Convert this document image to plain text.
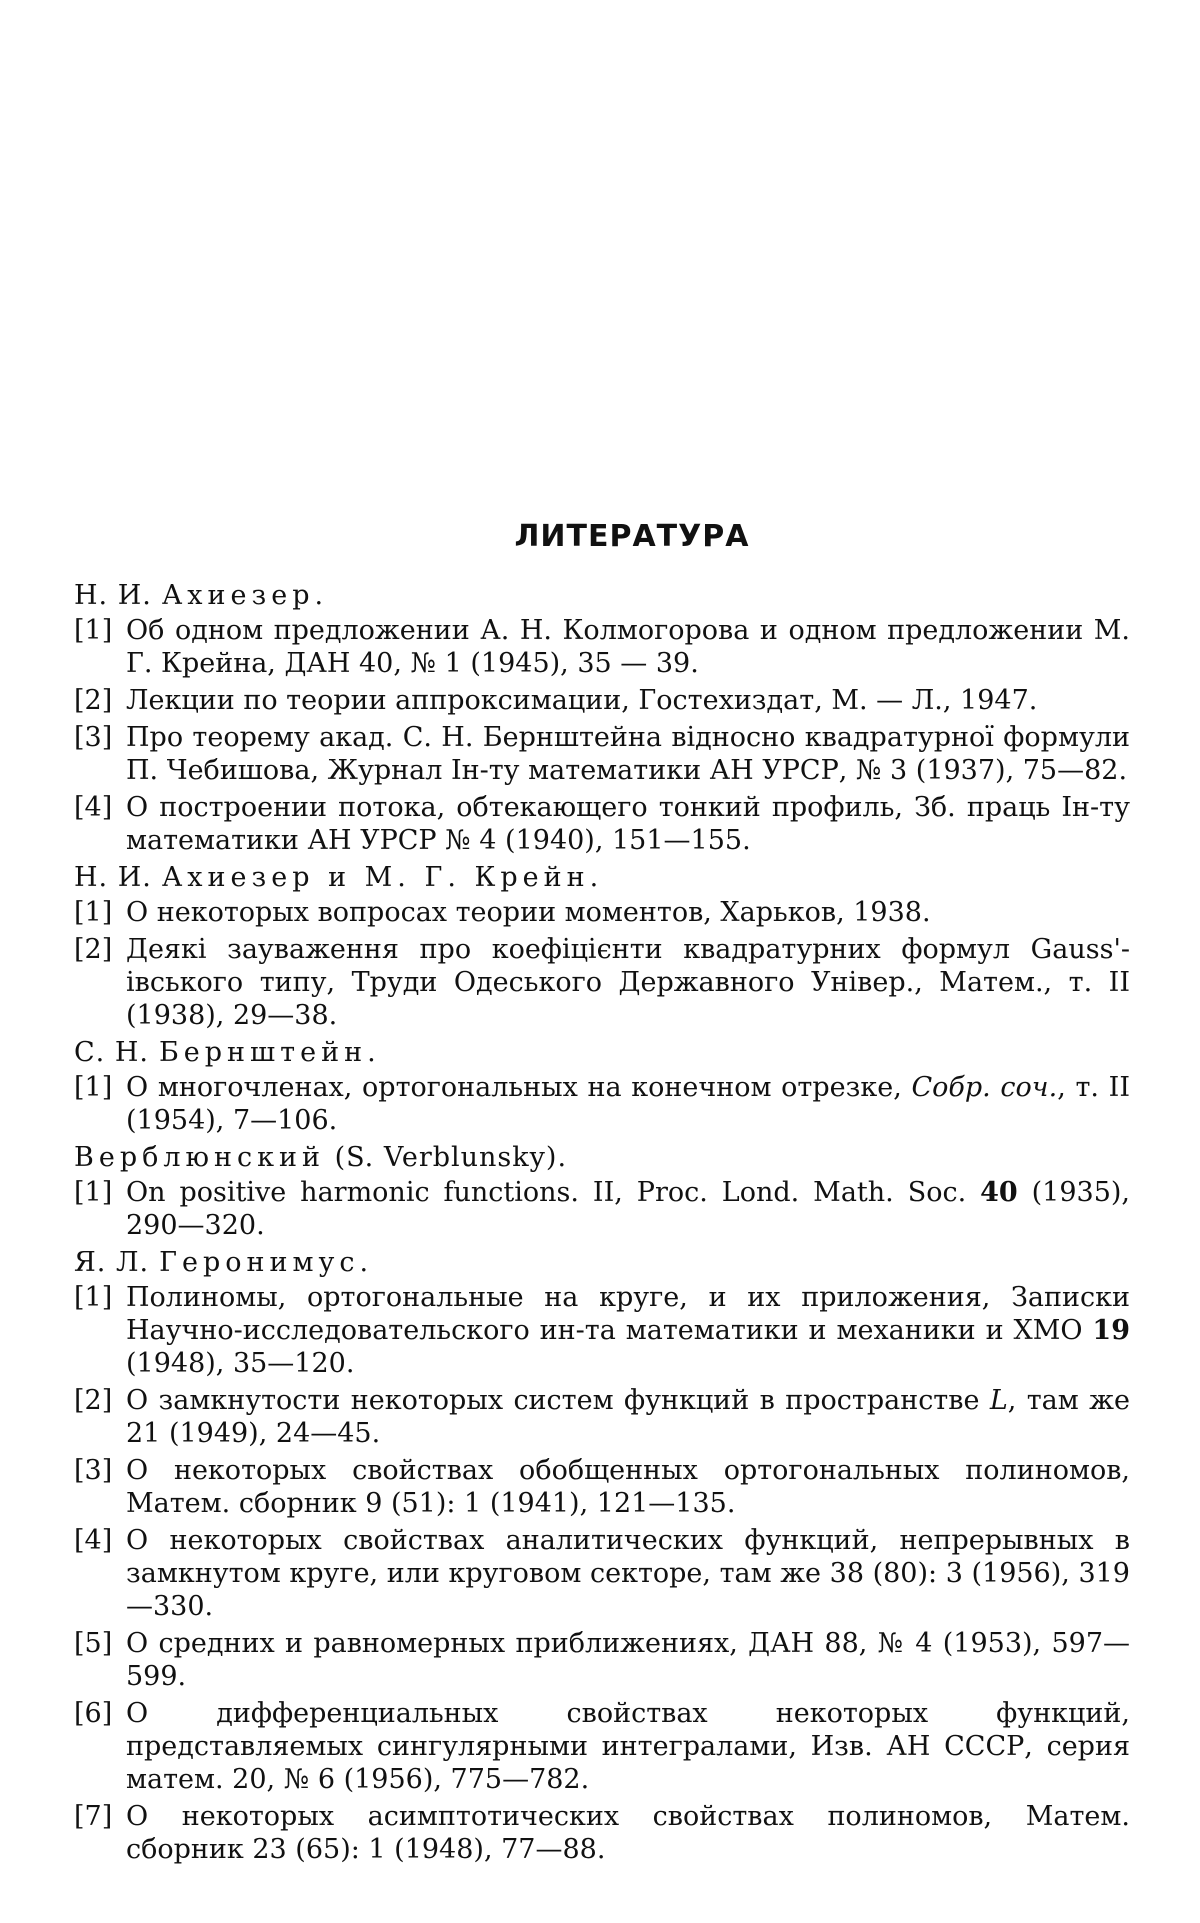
ЛИТЕРАТУРА
Н. И. Ахиезер.
[1] Об одном предложении А. Н. Колмогорова и одном предложении М. Г. Крейна, ДАН 40, № 1 (1945), 35 — 39.
[2] Лекции по теории аппроксимации, Гостехиздат, М. — Л., 1947.
[3] Про теорему акад. С. Н. Бернштейна відносно квадратурної формули П. Чебишова, Журнал Ін-ту математики АН УРСР, № 3 (1937), 75—82.
[4] О построении потока, обтекающего тонкий профиль, Зб. праць Ін-ту математики АН УРСР № 4 (1940), 151—155.
Н. И. Ахиезер и М. Г. Крейн.
[1] О некоторых вопросах теории моментов, Харьков, 1938.
[2] Деякі зауваження про коефіцієнти квадратурних формул Gauss'-івського типу, Труди Одеського Державного Універ., Матем., т. II (1938), 29—38.
С. Н. Бернштейн.
[1] О многочленах, ортогональных на конечном отрезке, Собр. соч., т. II (1954), 7—106.
Верблюнский (S. Verblunsky).
[1] On positive harmonic functions. II, Proc. Lond. Math. Soc. 40 (1935), 290—320.
Я. Л. Геронимус.
[1] Полиномы, ортогональные на круге, и их приложения, Записки Научно-исследовательского ин-та математики и механики и ХМО 19 (1948), 35—120.
[2] О замкнутости некоторых систем функций в пространстве L, там же 21 (1949), 24—45.
[3] О некоторых свойствах обобщенных ортогональных полиномов, Матем. сборник 9 (51): 1 (1941), 121—135.
[4] О некоторых свойствах аналитических функций, непрерывных в замкнутом круге, или круговом секторе, там же 38 (80): 3 (1956), 319—330.
[5] О средних и равномерных приближениях, ДАН 88, № 4 (1953), 597—599.
[6] О дифференциальных свойствах некоторых функций, представляемых сингулярными интегралами, Изв. АН СССР, серия матем. 20, № 6 (1956), 775—782.
[7] О некоторых асимптотических свойствах полиномов, Матем. сборник 23 (65): 1 (1948), 77—88.
